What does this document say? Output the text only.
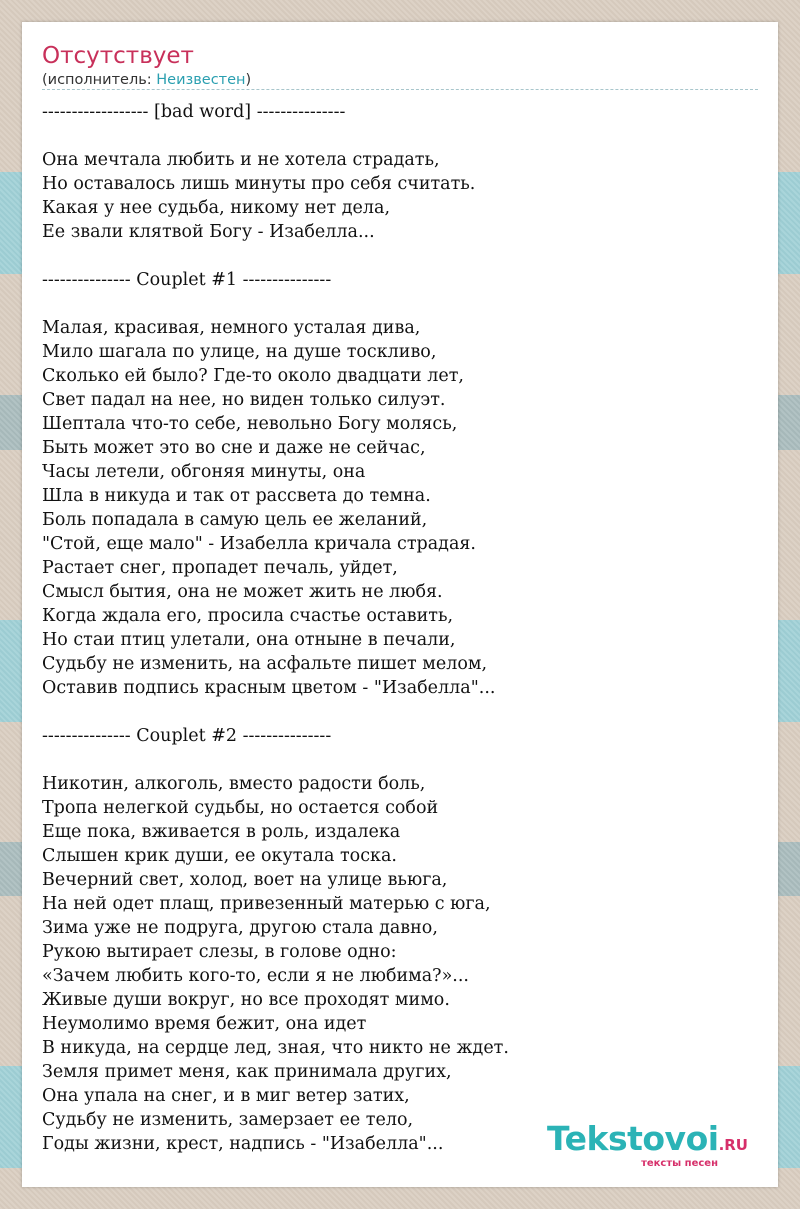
Отсутствует
(исполнитель: Неизвестен)
------------------ [bad word] ---------------
Она мечтала любить и не хотела страдать,
Но оставалось лишь минуты про себя считать.
Какая у нее судьба, никому нет дела,
Ее звали клятвой Богу - Изабелла...
--------------- Couplet #1 ---------------
Малая, красивая, немного усталая дива,
Мило шагала по улице, на душе тоскливо,
Сколько ей было? Где-то около двадцати лет,
Свет падал на нее, но виден только силуэт.
Шептала что-то себе, невольно Богу молясь,
Быть может это во сне и даже не сейчас,
Часы летели, обгоняя минуты, она
Шла в никуда и так от рассвета до темна.
Боль попадала в самую цель ее желаний,
"Стой, еще мало" - Изабелла кричала страдая.
Растает снег, пропадет печаль, уйдет,
Смысл бытия, она не может жить не любя.
Когда ждала его, просила счастье оставить,
Но стаи птиц улетали, она отныне в печали,
Судьбу не изменить, на асфальте пишет мелом,
Оставив подпись красным цветом - "Изабелла"...
--------------- Couplet #2 ---------------
Никотин, алкоголь, вместо радости боль,
Тропа нелегкой судьбы, но остается собой
Еще пока, вживается в роль, издалека
Слышен крик души, ее окутала тоска.
Вечерний свет, холод, воет на улице вьюга,
На ней одет плащ, привезенный матерью с юга,
Зима уже не подруга, другою стала давно,
Рукою вытирает слезы, в голове одно:
«Зачем любить кого-то, если я не любима?»...
Живые души вокруг, но все проходят мимо.
Неумолимо время бежит, она идет
В никуда, на сердце лед, зная, что никто не ждет.
Земля примет меня, как принимала других,
Она упала на снег, и в миг ветер затих,
Судьбу не изменить, замерзает ее тело,
Годы жизни, крест, надпись - "Изабелла"...	Tekstovoi.RU
тексты песен
